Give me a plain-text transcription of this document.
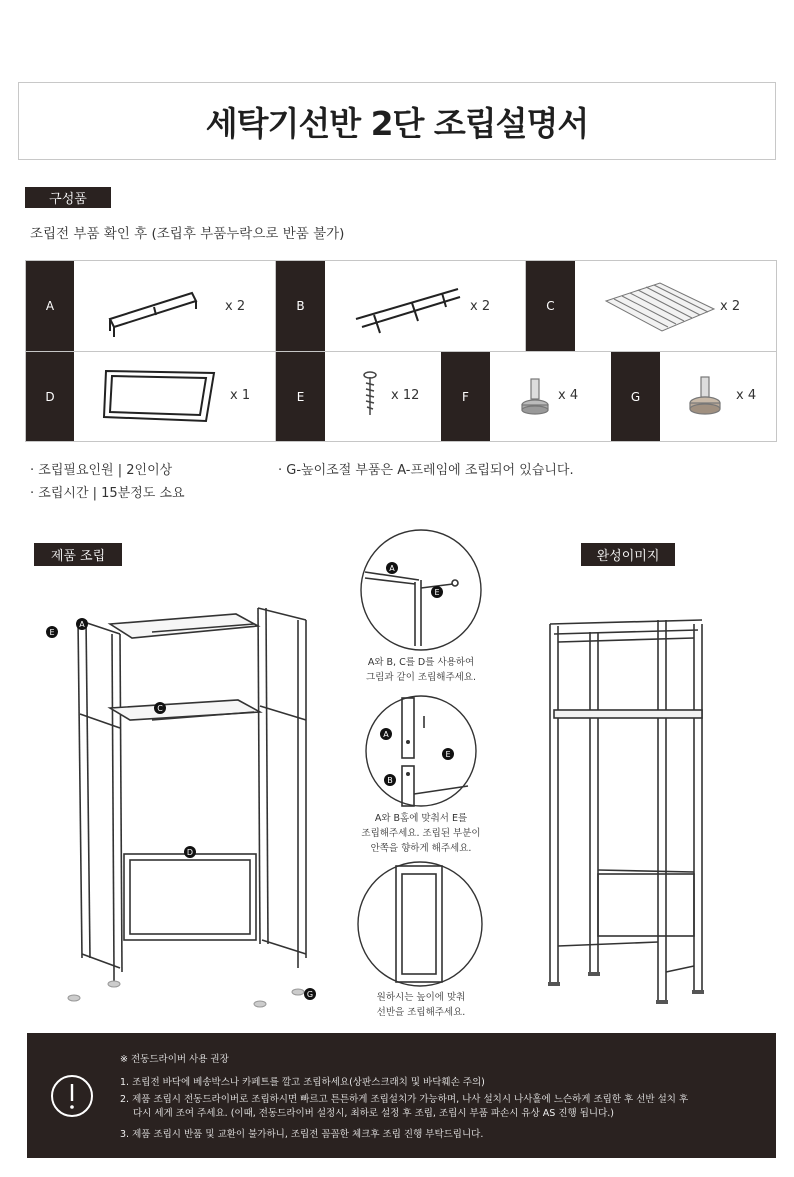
세탁기선반 2단 조립설명서
구성품
조립전 부품 확인 후 (조립후 부품누락으로 반품 불가)
A	x 2	B	x 2	C	x 2
D	x 1	E	x 12	F	x 4	G	x 4
· 조립필요인원 | 2인이상
· 조립시간 | 15분정도 소요
· G-높이조절 부품은 A-프레임에 조립되어 있습니다.
제품 조립	완성이미지
A
E
C
D
G
A
E
A와 B, C를 D를 사용하여
그림과 같이 조립해주세요.
A
E
B
A와 B홈에 맞춰서 E를
조립해주세요. 조립된 부분이
안쪽을 향하게 해주세요.
원하시는 높이에 맞춰
선반을 조립해주세요.
※ 전동드라이버 사용 권장
1. 조립전 바닥에 베송박스나 카페트를 깔고 조립하세요(상판스크래치 및 바닥훼손 주의)
2. 제품 조립시 전동드라이버로 조립하시면 빠르고 튼튼하게 조립설치가 가능하며, 나사 설치시 나사홀에 느슨하게 조립한 후 선반 설치 후
다시 세게 조여 주세요. (이때, 전동드라이버 설정시, 최하로 설정 후 조립, 조립시 부품 파손시 유상 AS 진행 됩니다.)
3. 제품 조립시 반품 및 교환이 불가하니, 조립전 꼼꼼한 체크후 조립 진행 부탁드립니다.
